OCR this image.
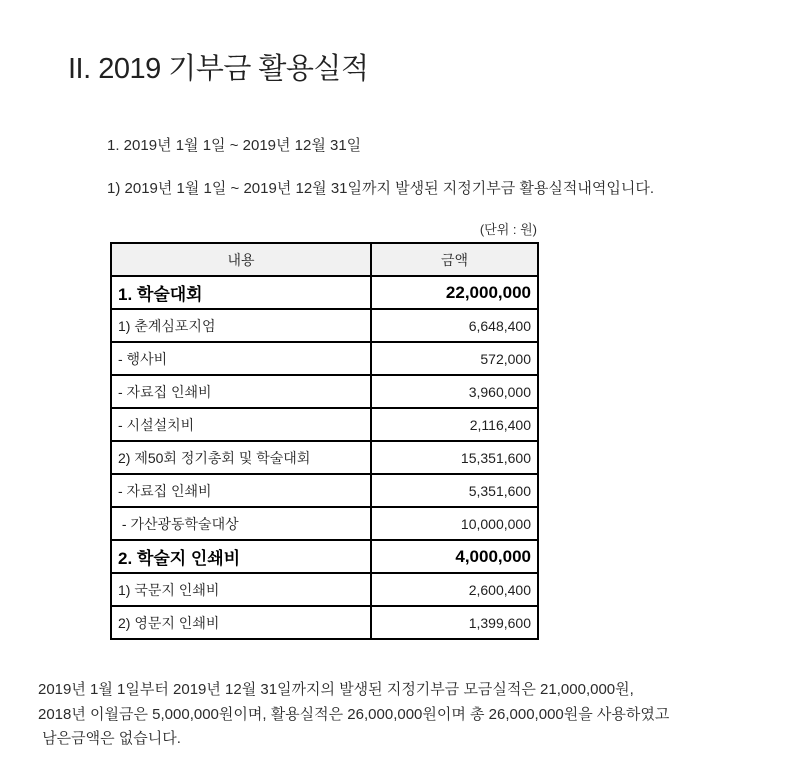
II. 2019 기부금 활용실적
1. 2019년 1월 1일 ~ 2019년 12월 31일
1) 2019년 1월 1일 ~ 2019년 12월 31일까지 발생된 지정기부금 활용실적내역입니다.
(단위 : 원)
내용	금액
1. 학술대회	22,000,000
1) 춘계심포지엄	6,648,400
- 행사비	572,000
- 자료집 인쇄비	3,960,000
- 시설설치비	2,116,400
2) 제50회 정기총회 및 학술대회	15,351,600
- 자료집 인쇄비	5,351,600
- 가산광동학술대상	10,000,000
2. 학술지 인쇄비	4,000,000
1) 국문지 인쇄비	2,600,400
2) 영문지 인쇄비	1,399,600
2019년 1월 1일부터 2019년 12월 31일까지의 발생된 지정기부금 모금실적은 21,000,000원,
2018년 이월금은 5,000,000원이며, 활용실적은 26,000,000원이며 총 26,000,000원을 사용하였고
남은금액은 없습니다.
